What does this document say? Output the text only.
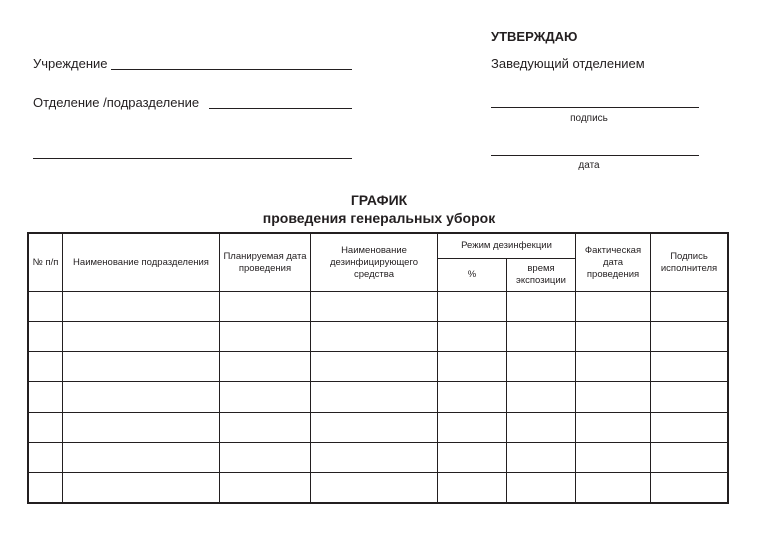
Учреждение
Отделение /подразделение
УТВЕРЖДАЮ
Заведующий отделением
подпись
дата
ГРАФИК
проведения генеральных уборок
№ п/п	Наименование подразделения	Планируемая дата проведения	Наименование дезинфицирующего средства	Режим дезинфекции		Фактическая дата проведения	Подпись исполнителя
				%	время экспозиции		
